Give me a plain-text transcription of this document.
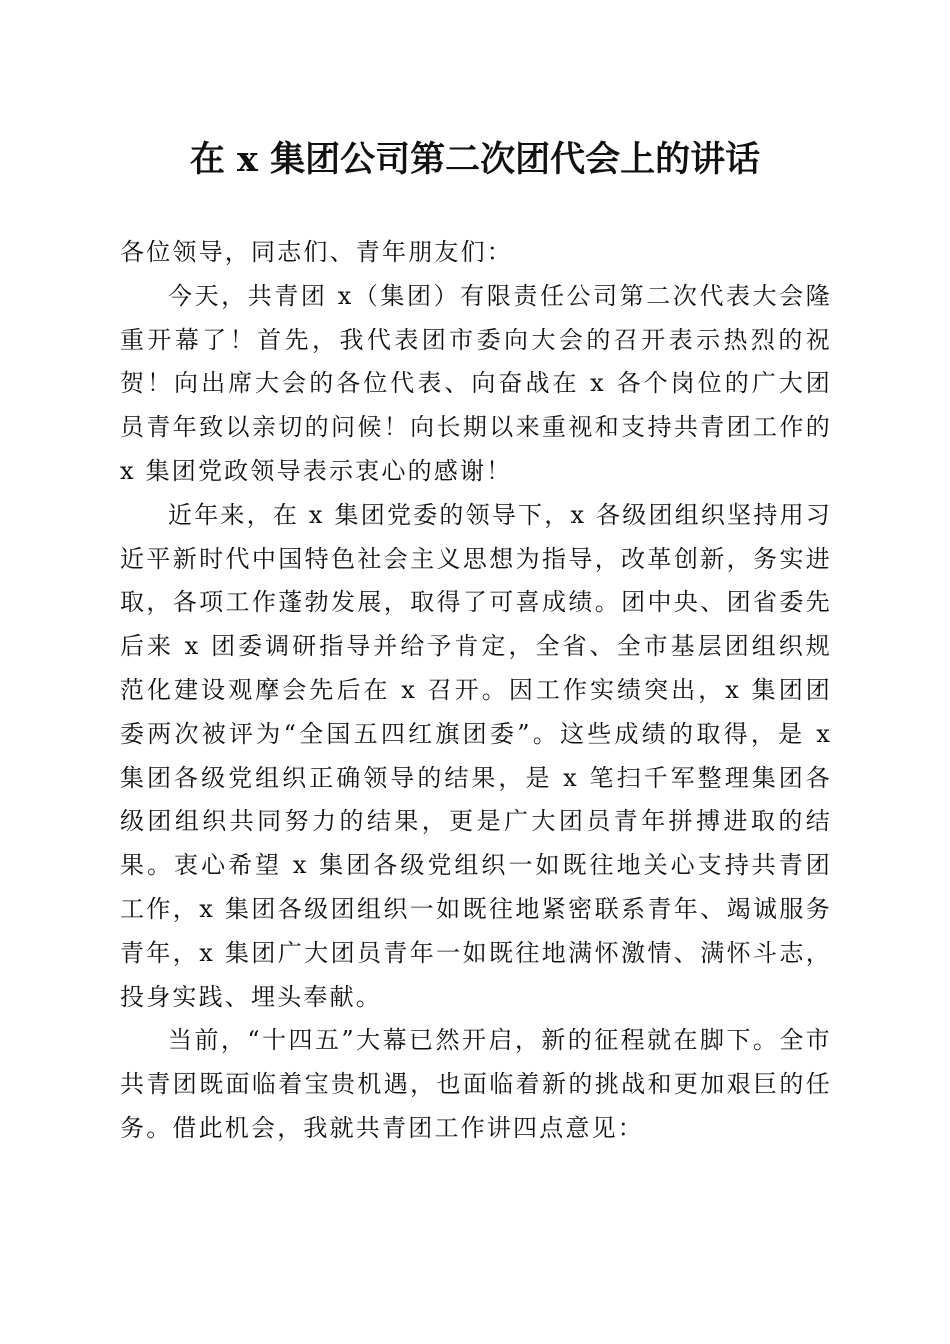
在 x 集团公司第二次团代会上的讲话

各位领导，同志们、青年朋友们：

今天，共青团 x（集团）有限责任公司第二次代表大会隆重开幕了！首先，我代表团市委向大会的召开表示热烈的祝贺！向出席大会的各位代表、向奋战在 x 各个岗位的广大团员青年致以亲切的问候！向长期以来重视和支持共青团工作的 x 集团党政领导表示衷心的感谢！

近年来，在 x 集团党委的领导下，x 各级团组织坚持用习近平新时代中国特色社会主义思想为指导，改革创新，务实进取，各项工作蓬勃发展，取得了可喜成绩。团中央、团省委先后来 x 团委调研指导并给予肯定，全省、全市基层团组织规范化建设观摩会先后在 x 召开。因工作实绩突出，x 集团团委两次被评为“全国五四红旗团委”。这些成绩的取得，是 x 集团各级党组织正确领导的结果，是 x 笔扫千军整理集团各级团组织共同努力的结果，更是广大团员青年拼搏进取的结果。衷心希望 x 集团各级党组织一如既往地关心支持共青团工作，x 集团各级团组织一如既往地紧密联系青年、竭诚服务青年，x 集团广大团员青年一如既往地满怀激情、满怀斗志，投身实践、埋头奉献。

当前，“十四五”大幕已然开启，新的征程就在脚下。全市共青团既面临着宝贵机遇，也面临着新的挑战和更加艰巨的任务。借此机会，我就共青团工作讲四点意见：
